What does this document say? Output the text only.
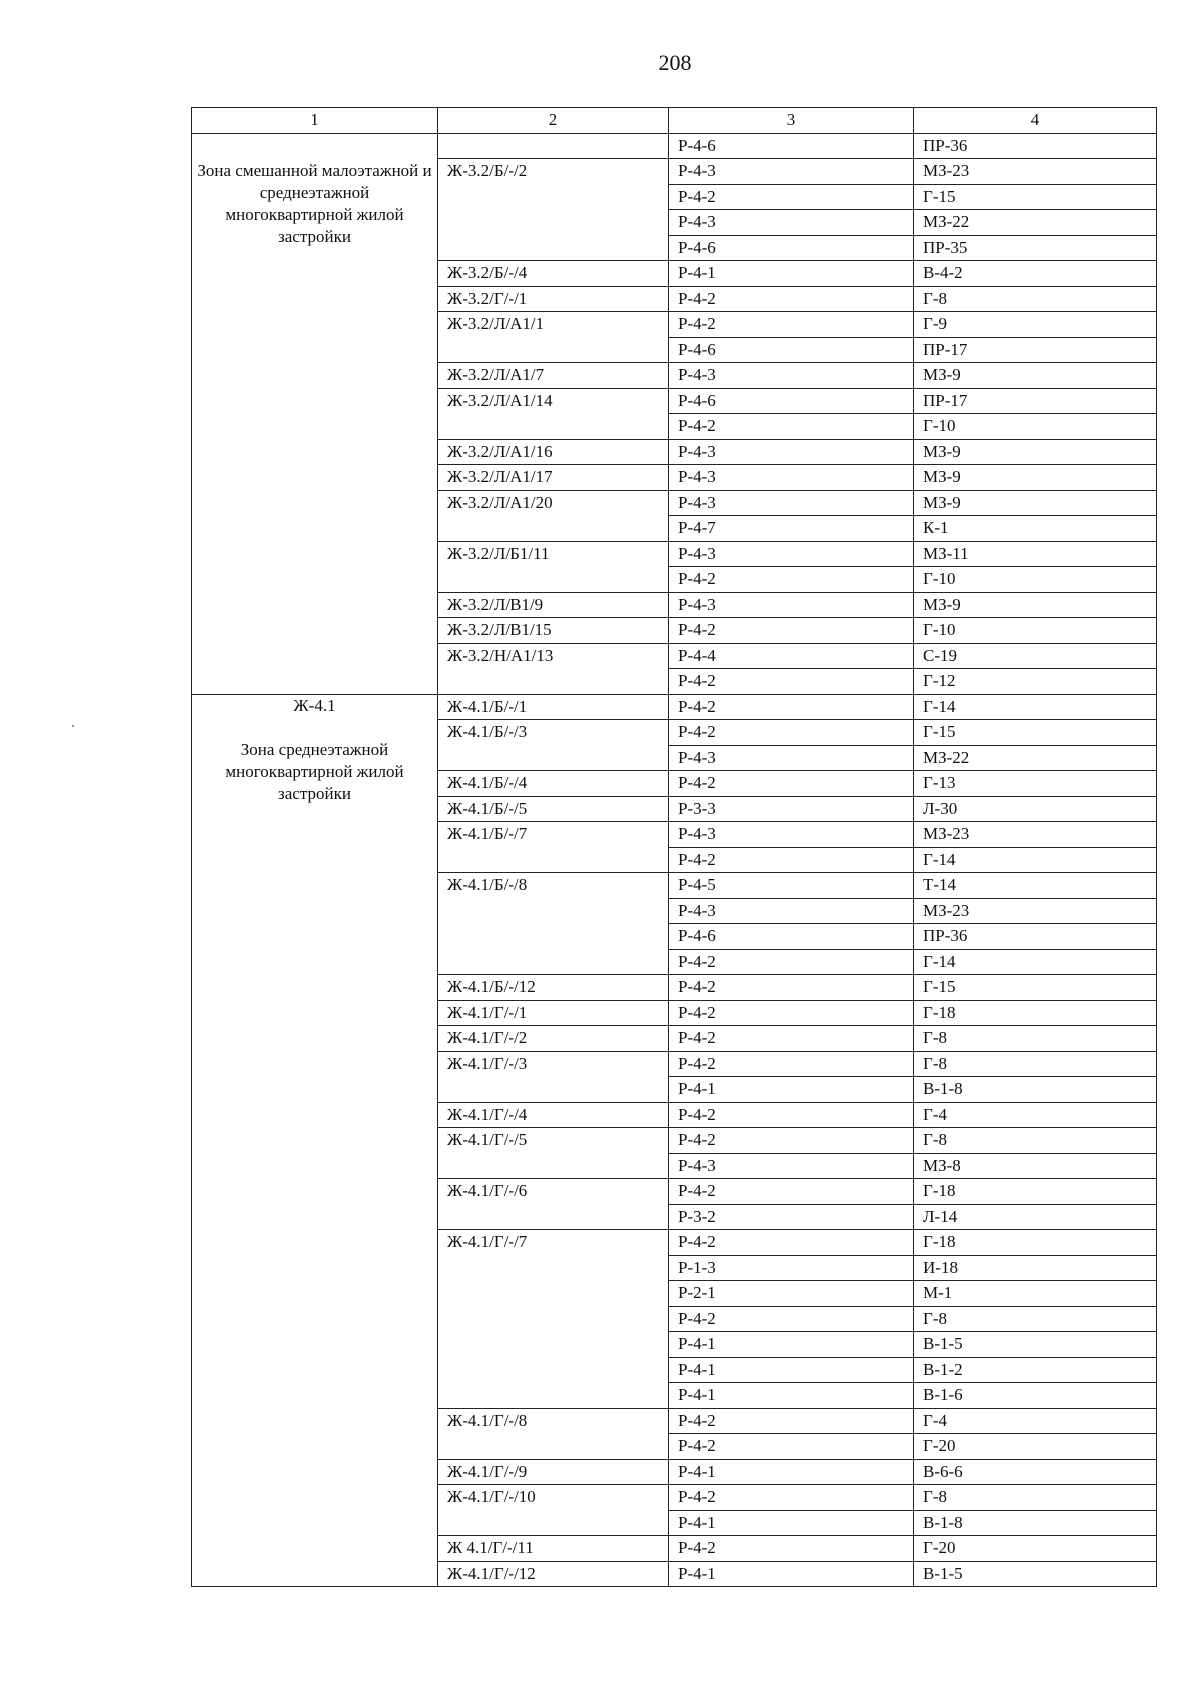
208
1	2	3	4
Зона смешанной малоэтажной и среднеэтажной многоквартирной жилой застройки		Р-4-6	ПР-36
	Ж-3.2/Б/-/2	Р-4-3	МЗ-23
		Р-4-2	Г-15
		Р-4-3	МЗ-22
		Р-4-6	ПР-35
	Ж-3.2/Б/-/4	Р-4-1	В-4-2
	Ж-3.2/Г/-/1	Р-4-2	Г-8
	Ж-3.2/Л/А1/1	Р-4-2	Г-9
		Р-4-6	ПР-17
	Ж-3.2/Л/А1/7	Р-4-3	МЗ-9
	Ж-3.2/Л/А1/14	Р-4-6	ПР-17
		Р-4-2	Г-10
	Ж-3.2/Л/А1/16	Р-4-3	МЗ-9
	Ж-3.2/Л/А1/17	Р-4-3	МЗ-9
	Ж-3.2/Л/А1/20	Р-4-3	МЗ-9
		Р-4-7	К-1
	Ж-3.2/Л/Б1/11	Р-4-3	МЗ-11
		Р-4-2	Г-10
	Ж-3.2/Л/В1/9	Р-4-3	МЗ-9
	Ж-3.2/Л/В1/15	Р-4-2	Г-10
	Ж-3.2/Н/А1/13	Р-4-4	С-19
		Р-4-2	Г-12

Ж-4.1
Зона среднеэтажной многоквартирной жилой застройки	Ж-4.1/Б/-/1	Р-4-2	Г-14
	Ж-4.1/Б/-/3	Р-4-2	Г-15
		Р-4-3	МЗ-22
	Ж-4.1/Б/-/4	Р-4-2	Г-13
	Ж-4.1/Б/-/5	Р-3-3	Л-30
	Ж-4.1/Б/-/7	Р-4-3	МЗ-23
		Р-4-2	Г-14
	Ж-4.1/Б/-/8	Р-4-5	Т-14
		Р-4-3	МЗ-23
		Р-4-6	ПР-36
		Р-4-2	Г-14
	Ж-4.1/Б/-/12	Р-4-2	Г-15
	Ж-4.1/Г/-/1	Р-4-2	Г-18
	Ж-4.1/Г/-/2	Р-4-2	Г-8
	Ж-4.1/Г/-/3	Р-4-2	Г-8
		Р-4-1	В-1-8
	Ж-4.1/Г/-/4	Р-4-2	Г-4
	Ж-4.1/Г/-/5	Р-4-2	Г-8
		Р-4-3	МЗ-8
	Ж-4.1/Г/-/6	Р-4-2	Г-18
		Р-3-2	Л-14
	Ж-4.1/Г/-/7	Р-4-2	Г-18
		Р-1-3	И-18
		Р-2-1	М-1
		Р-4-2	Г-8
		Р-4-1	В-1-5
		Р-4-1	В-1-2
		Р-4-1	В-1-6
	Ж-4.1/Г/-/8	Р-4-2	Г-4
		Р-4-2	Г-20
	Ж-4.1/Г/-/9	Р-4-1	В-6-6
	Ж-4.1/Г/-/10	Р-4-2	Г-8
		Р-4-1	В-1-8
	Ж 4.1/Г/-/11	Р-4-2	Г-20
	Ж-4.1/Г/-/12	Р-4-1	В-1-5
